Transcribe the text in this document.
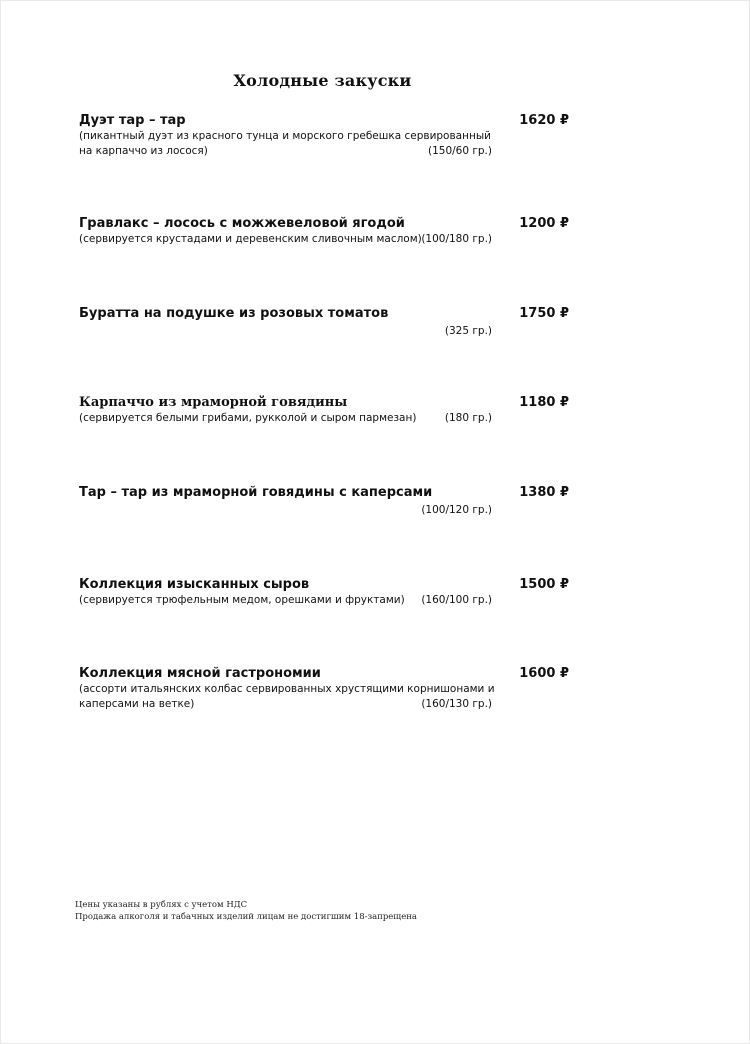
Холодные закуски
Дуэт тар – тар	1620 ₽
(пикантный дуэт из красного тунца и морского гребешка сервированный
на карпаччо из лосося)	(150/60 гр.)
Гравлакс – лосось с можжевеловой ягодой	1200 ₽
(сервируется крустадами и деревенским сливочным маслом) (100/180 гр.)
Буратта на подушке из розовых томатов	1750 ₽
(325 гр.)
Карпаччо из мраморной говядины	1180 ₽
(сервируется белыми грибами, рукколой и сыром пармезан)	(180 гр.)
Тар – тар из мраморной говядины с каперсами	1380 ₽
(100/120 гр.)
Коллекция изысканных сыров	1500 ₽
(сервируется трюфельным медом, орешками и фруктами) (160/100 гр.)
Коллекция мясной гастрономии	1600 ₽
(ассорти итальянских колбас сервированных хрустящими корнишонами и
каперсами на ветке)	(160/130 гр.)
Цены указаны в рублях с учетом НДС
Продажа алкоголя и табачных изделий лицам не достигшим 18-запрещена
